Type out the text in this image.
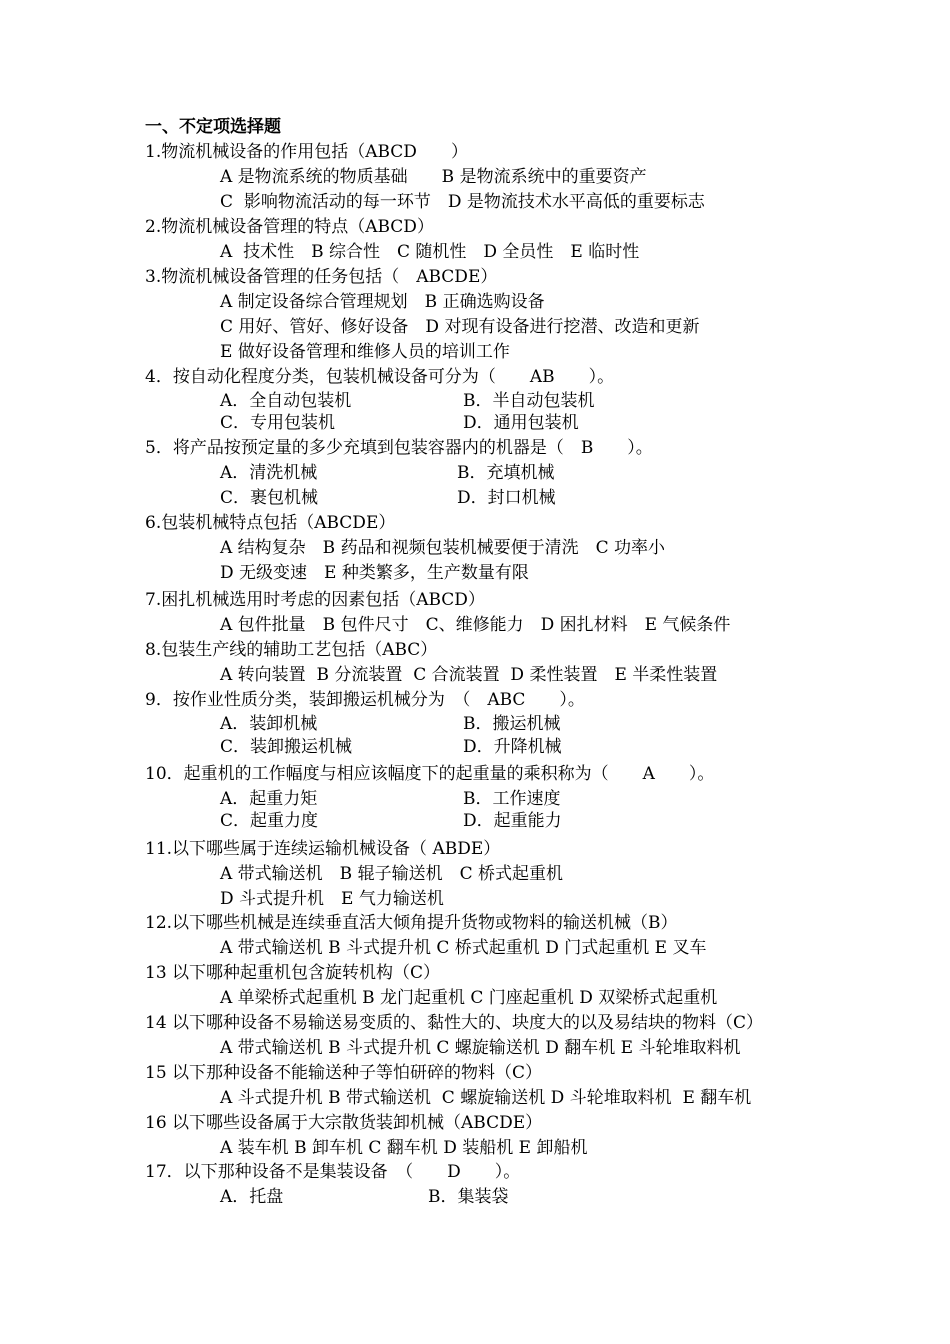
一、不定项选择题
1.物流机械设备的作用包括（ABCD　　）
A 是物流系统的物质基础　　B 是物流系统中的重要资产
C  影响物流活动的每一环节　D 是物流技术水平高低的重要标志
2.物流机械设备管理的特点（ABCD）
A  技术性　B 综合性　C 随机性　D 全员性　E 临时性
3.物流机械设备管理的任务包括（　ABCDE）
A 制定设备综合管理规划　B 正确选购设备
C 用好、管好、修好设备　D 对现有设备进行挖潜、改造和更新
E 做好设备管理和维修人员的培训工作
4．按自动化程度分类，包装机械设备可分为（　　AB　　）。
A．全自动包装机	B．半自动包装机
C．专用包装机	D．通用包装机
5．将产品按预定量的多少充填到包装容器内的机器是（　B　　）。
A．清洗机械	B．充填机械
C．裹包机械	D．封口机械
6.包装机械特点包括（ABCDE）
A 结构复杂　B 药品和视频包装机械要便于清洗　C 功率小
D 无级变速　E 种类繁多，生产数量有限
7.困扎机械选用时考虑的因素包括（ABCD）
A 包件批量　B 包件尺寸　C、维修能力　D 困扎材料　E 气候条件
8.包装生产线的辅助工艺包括（ABC）
A 转向装置  B 分流装置  C 合流装置  D 柔性装置　E 半柔性装置
9．按作业性质分类，装卸搬运机械分为　（　ABC　　）。
A．装卸机械	B．搬运机械
C．装卸搬运机械	D．升降机械
10．起重机的工作幅度与相应该幅度下的起重量的乘积称为（　　A　　）。
A．起重力矩	B．工作速度
C．起重力度	D．起重能力
11.以下哪些属于连续运输机械设备（ ABDE）
A 带式输送机　B 辊子输送机　C 桥式起重机
D 斗式提升机　E 气力输送机
12.以下哪些机械是连续垂直活大倾角提升货物或物料的输送机械（B）
A 带式输送机 B 斗式提升机 C 桥式起重机 D 门式起重机 E 叉车
13 以下哪种起重机包含旋转机构（C）
A 单梁桥式起重机 B 龙门起重机 C 门座起重机 D 双梁桥式起重机
14 以下哪种设备不易输送易变质的、黏性大的、块度大的以及易结块的物料（C）
A 带式输送机 B 斗式提升机 C 螺旋输送机 D 翻车机 E 斗轮堆取料机
15 以下那种设备不能输送种子等怕研碎的物料（C）
A 斗式提升机 B 带式输送机  C 螺旋输送机 D 斗轮堆取料机  E 翻车机
16 以下哪些设备属于大宗散货装卸机械（ABCDE）
A 装车机 B 卸车机 C 翻车机 D 装船机 E 卸船机
17．以下那种设备不是集装设备　（　　D　　）。
A．托盘	B．集装袋
